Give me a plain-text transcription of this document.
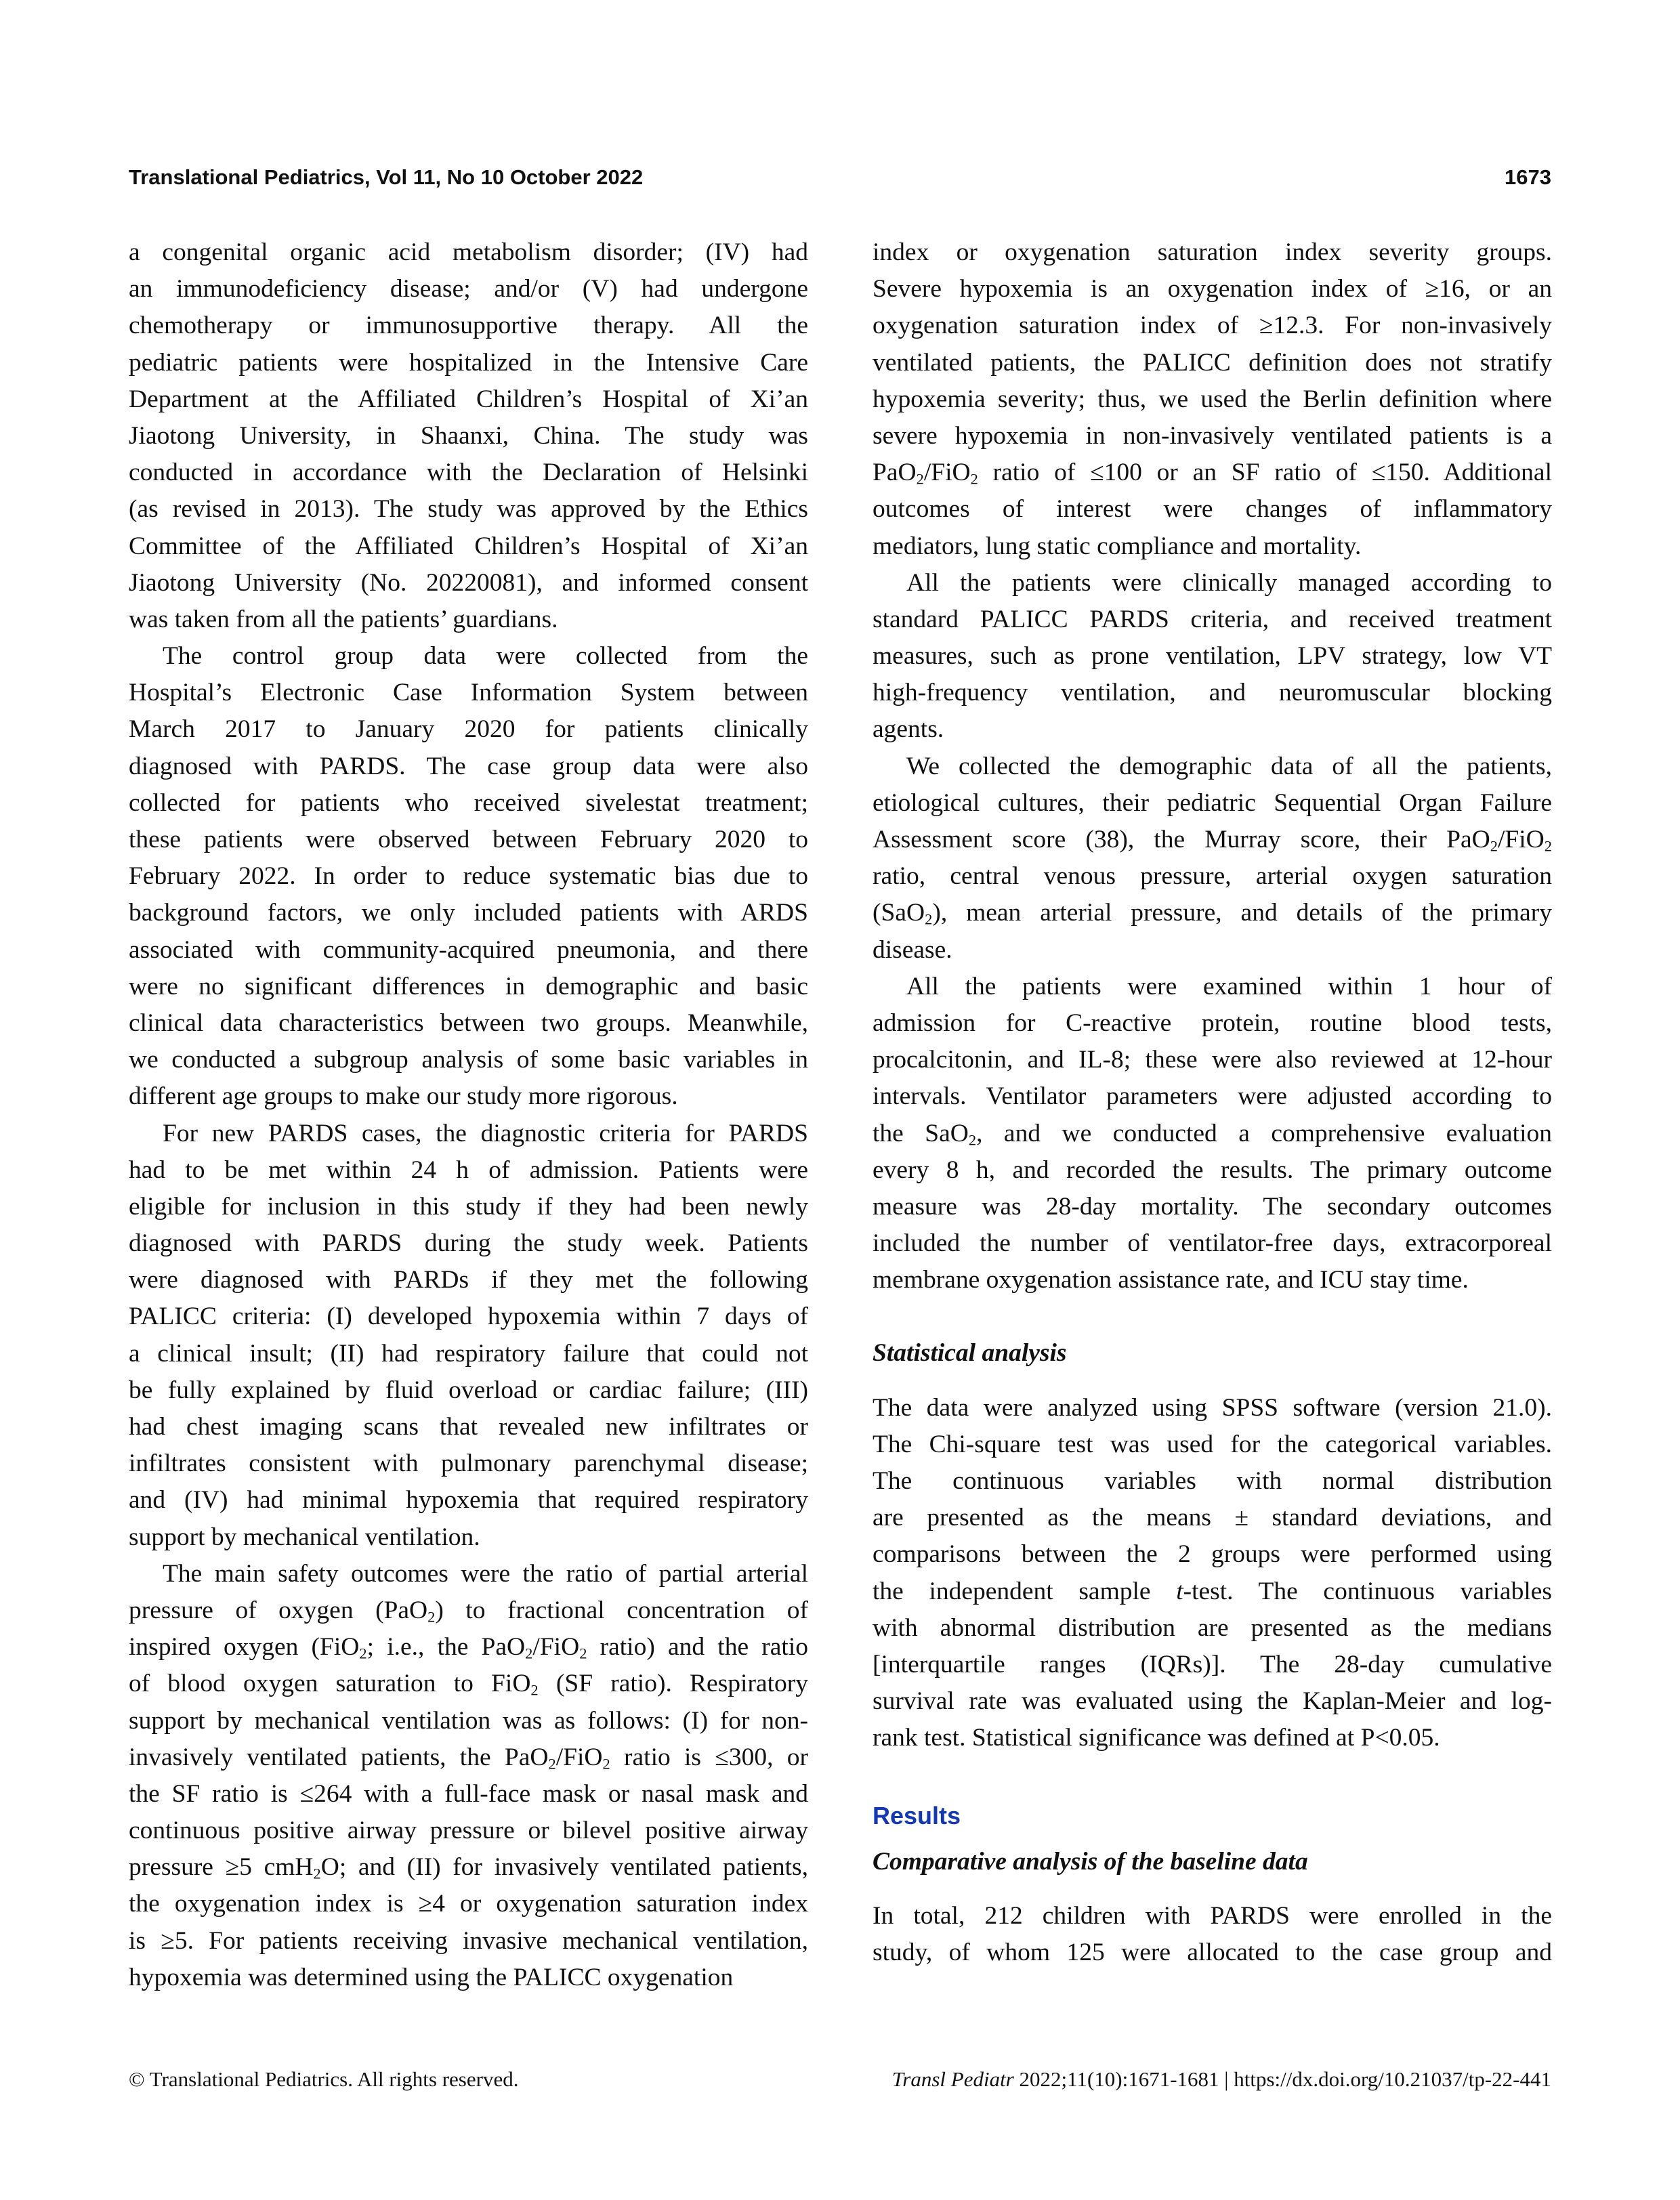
Translational Pediatrics, Vol 11, No 10 October 2022	1673
a congenital organic acid metabolism disorder; (IV) had
an immunodeficiency disease; and/or (V) had undergone
chemotherapy or immunosupportive therapy. All the
pediatric patients were hospitalized in the Intensive Care
Department at the Affiliated Children’s Hospital of Xi’an
Jiaotong University, in Shaanxi, China. The study was
conducted in accordance with the Declaration of Helsinki
(as revised in 2013). The study was approved by the Ethics
Committee of the Affiliated Children’s Hospital of Xi’an
Jiaotong University (No. 20220081), and informed consent
was taken from all the patients’ guardians.
The control group data were collected from the
Hospital’s Electronic Case Information System between
March 2017 to January 2020 for patients clinically
diagnosed with PARDS. The case group data were also
collected for patients who received sivelestat treatment;
these patients were observed between February 2020 to
February 2022. In order to reduce systematic bias due to
background factors, we only included patients with ARDS
associated with community-acquired pneumonia, and there
were no significant differences in demographic and basic
clinical data characteristics between two groups. Meanwhile,
we conducted a subgroup analysis of some basic variables in
different age groups to make our study more rigorous.
For new PARDS cases, the diagnostic criteria for PARDS
had to be met within 24 h of admission. Patients were
eligible for inclusion in this study if they had been newly
diagnosed with PARDS during the study week. Patients
were diagnosed with PARDs if they met the following
PALICC criteria: (I) developed hypoxemia within 7 days of
a clinical insult; (II) had respiratory failure that could not
be fully explained by fluid overload or cardiac failure; (III)
had chest imaging scans that revealed new infiltrates or
infiltrates consistent with pulmonary parenchymal disease;
and (IV) had minimal hypoxemia that required respiratory
support by mechanical ventilation.
The main safety outcomes were the ratio of partial arterial
pressure of oxygen (PaO$_2$) to fractional concentration of
inspired oxygen (FiO$_2$; i.e., the PaO$_2$/FiO$_2$ ratio) and the ratio
of blood oxygen saturation to FiO$_2$ (SF ratio). Respiratory
support by mechanical ventilation was as follows: (I) for non-
invasively ventilated patients, the PaO$_2$/FiO$_2$ ratio is ≤300, or
the SF ratio is ≤264 with a full-face mask or nasal mask and
continuous positive airway pressure or bilevel positive airway
pressure ≥5 cmH$_2$O; and (II) for invasively ventilated patients,
the oxygenation index is ≥4 or oxygenation saturation index
is ≥5. For patients receiving invasive mechanical ventilation,
hypoxemia was determined using the PALICC oxygenation
index or oxygenation saturation index severity groups.
Severe hypoxemia is an oxygenation index of ≥16, or an
oxygenation saturation index of ≥12.3. For non-invasively
ventilated patients, the PALICC definition does not stratify
hypoxemia severity; thus, we used the Berlin definition where
severe hypoxemia in non-invasively ventilated patients is a
PaO$_2$/FiO$_2$ ratio of ≤100 or an SF ratio of ≤150. Additional
outcomes of interest were changes of inflammatory
mediators, lung static compliance and mortality.
All the patients were clinically managed according to
standard PALICC PARDS criteria, and received treatment
measures, such as prone ventilation, LPV strategy, low VT
high-frequency ventilation, and neuromuscular blocking
agents.
We collected the demographic data of all the patients,
etiological cultures, their pediatric Sequential Organ Failure
Assessment score (38), the Murray score, their PaO$_2$/FiO$_2$
ratio, central venous pressure, arterial oxygen saturation
(SaO$_2$), mean arterial pressure, and details of the primary
disease.
All the patients were examined within 1 hour of
admission for C-reactive protein, routine blood tests,
procalcitonin, and IL-8; these were also reviewed at 12-hour
intervals. Ventilator parameters were adjusted according to
the SaO$_2$, and we conducted a comprehensive evaluation
every 8 h, and recorded the results. The primary outcome
measure was 28-day mortality. The secondary outcomes
included the number of ventilator-free days, extracorporeal
membrane oxygenation assistance rate, and ICU stay time.
Statistical analysis
The data were analyzed using SPSS software (version 21.0).
The Chi-square test was used for the categorical variables.
The continuous variables with normal distribution
are presented as the means ± standard deviations, and
comparisons between the 2 groups were performed using
the independent sample t-test. The continuous variables
with abnormal distribution are presented as the medians
[interquartile ranges (IQRs)]. The 28-day cumulative
survival rate was evaluated using the Kaplan-Meier and log-
rank test. Statistical significance was defined at P<0.05.
Results
Comparative analysis of the baseline data
In total, 212 children with PARDS were enrolled in the
study, of whom 125 were allocated to the case group and
© Translational Pediatrics. All rights reserved.	Transl Pediatr 2022;11(10):1671-1681 | https://dx.doi.org/10.21037/tp-22-441
